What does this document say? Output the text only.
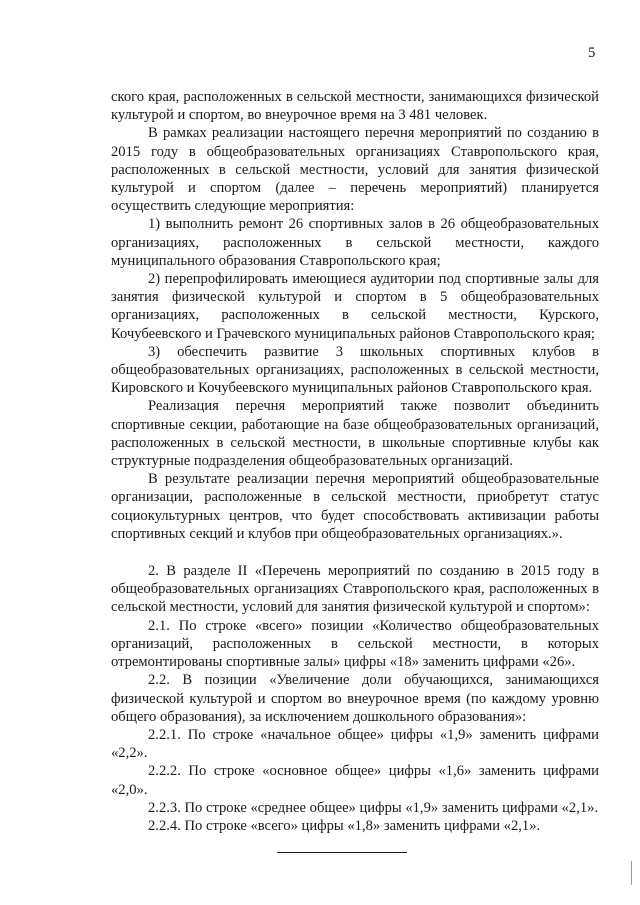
5

ского края, расположенных в сельской местности, занимающихся физической культурой и спортом, во внеурочное время на 3 481 человек.

В рамках реализации настоящего перечня мероприятий по созданию в 2015 году в общеобразовательных организациях Ставропольского края, расположенных в сельской местности, условий для занятия физической культурой и спортом (далее – перечень мероприятий) планируется осуществить следующие мероприятия:

1) выполнить ремонт 26 спортивных залов в 26 общеобразовательных организациях, расположенных в сельской местности, каждого муниципального образования Ставропольского края;

2) перепрофилировать имеющиеся аудитории под спортивные залы для занятия физической культурой и спортом в 5 общеобразовательных организациях, расположенных в сельской местности, Курского, Кочубеевского и Грачевского муниципальных районов Ставропольского края;

3) обеспечить развитие 3 школьных спортивных клубов в общеобразовательных организациях, расположенных в сельской местности, Кировского и Кочубеевского муниципальных районов Ставропольского края.

Реализация перечня мероприятий также позволит объединить спортивные секции, работающие на базе общеобразовательных организаций, расположенных в сельской местности, в школьные спортивные клубы как структурные подразделения общеобразовательных организаций.

В результате реализации перечня мероприятий общеобразовательные организации, расположенные в сельской местности, приобретут статус социокультурных центров, что будет способствовать активизации работы спортивных секций и клубов при общеобразовательных организациях.».

2. В разделе II «Перечень мероприятий по созданию в 2015 году в общеобразовательных организациях Ставропольского края, расположенных в сельской местности, условий для занятия физической культурой и спортом»:

2.1. По строке «всего» позиции «Количество общеобразовательных организаций, расположенных в сельской местности, в которых отремонтированы спортивные залы» цифры «18» заменить цифрами «26».

2.2. В позиции «Увеличение доли обучающихся, занимающихся физической культурой и спортом во внеурочное время (по каждому уровню общего образования), за исключением дошкольного образования»:

2.2.1. По строке «начальное общее» цифры «1,9» заменить цифрами «2,2».

2.2.2. По строке «основное общее» цифры «1,6» заменить цифрами «2,0».

2.2.3. По строке «среднее общее» цифры «1,9» заменить цифрами «2,1».

2.2.4. По строке «всего» цифры «1,8» заменить цифрами «2,1».
